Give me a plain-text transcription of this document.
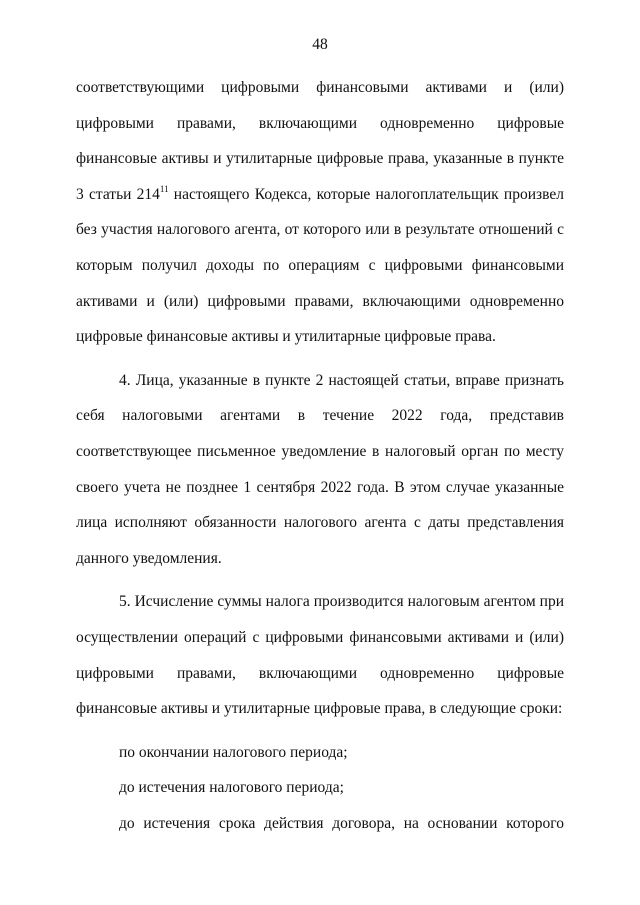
48

соответствующими цифровыми финансовыми активами и (или) цифровыми правами, включающими одновременно цифровые финансовые активы и утилитарные цифровые права, указанные в пункте 3 статьи $214^{11}$ настоящего Кодекса, которые налогоплательщик произвел без участия налогового агента, от которого или в результате отношений с которым получил доходы по операциям с цифровыми финансовыми активами и (или) цифровыми правами, включающими одновременно цифровые финансовые активы и утилитарные цифровые права.

4. Лица, указанные в пункте 2 настоящей статьи, вправе признать себя налоговыми агентами в течение 2022 года, представив соответствующее письменное уведомление в налоговый орган по месту своего учета не позднее 1 сентября 2022 года. В этом случае указанные лица исполняют обязанности налогового агента с даты представления данного уведомления.

5. Исчисление суммы налога производится налоговым агентом при осуществлении операций с цифровыми финансовыми активами и (или) цифровыми правами, включающими одновременно цифровые финансовые активы и утилитарные цифровые права, в следующие сроки:

по окончании налогового периода;
до истечения налогового периода;
до истечения срока действия договора, на основании которого
